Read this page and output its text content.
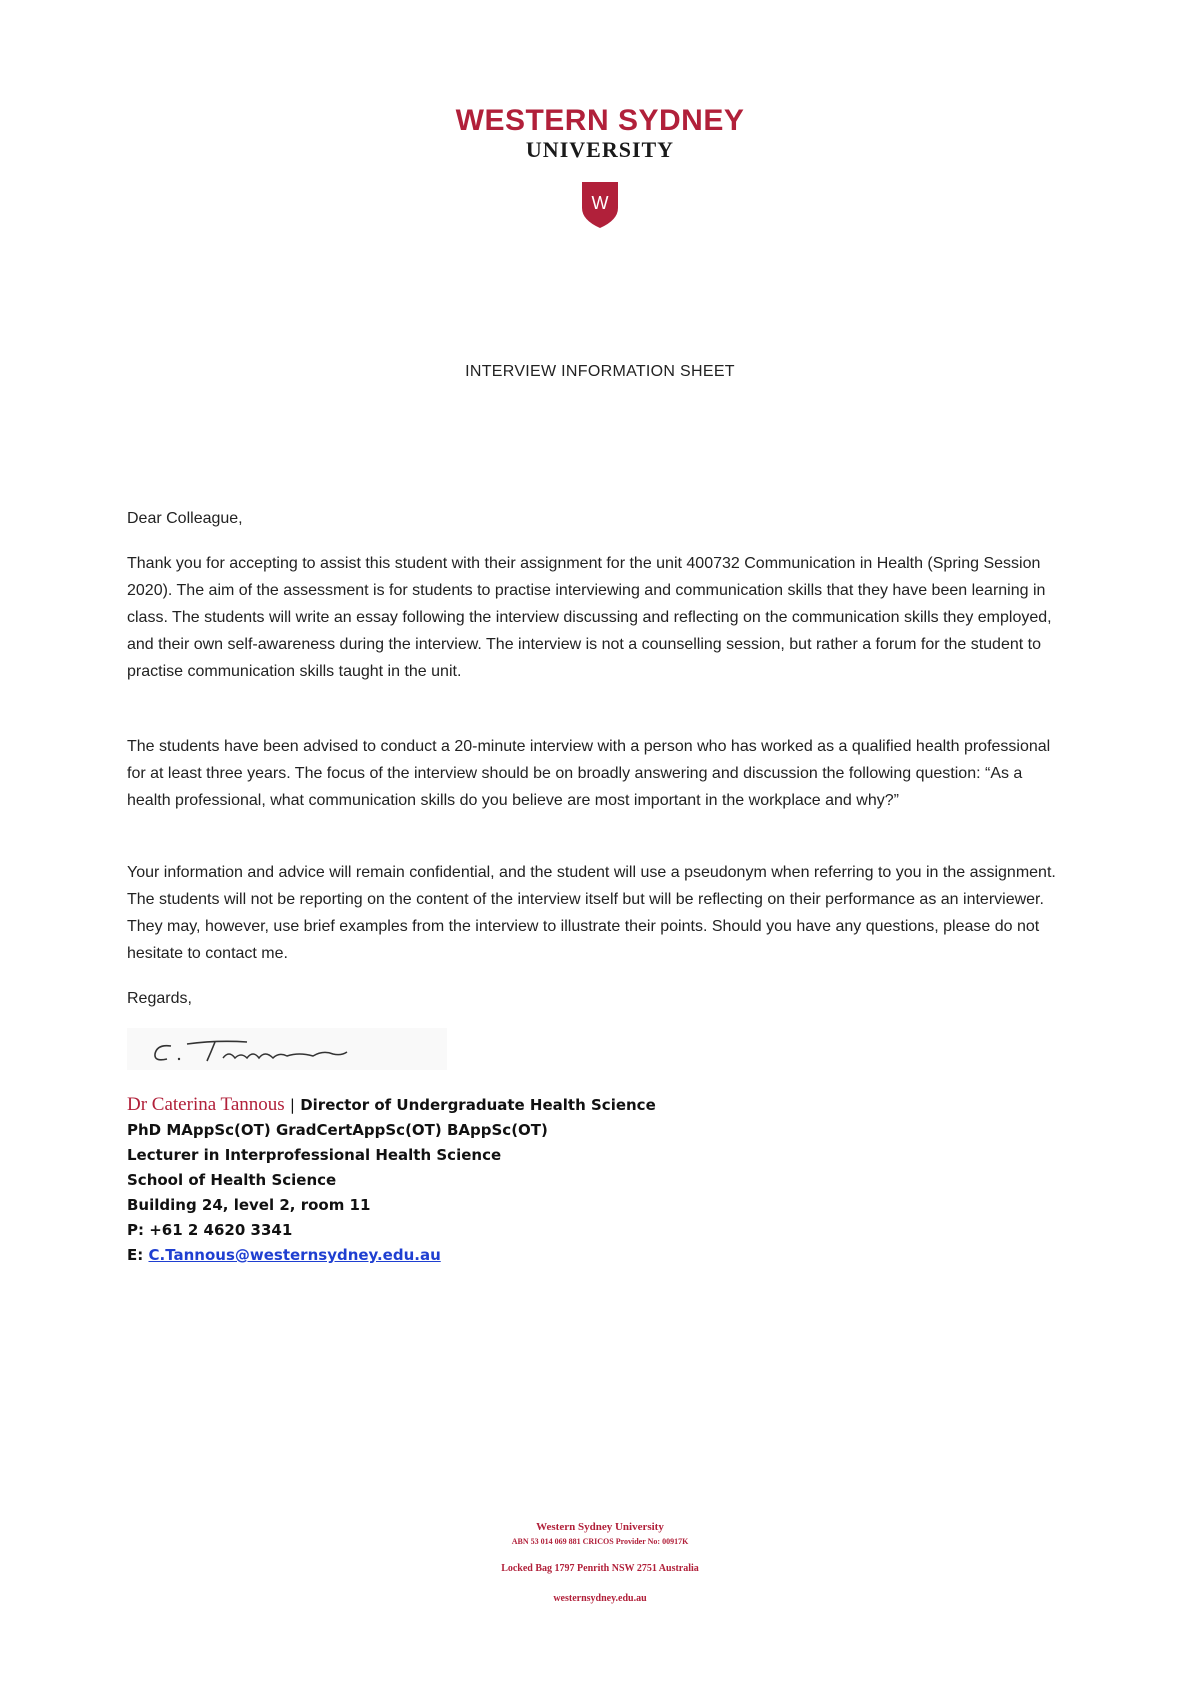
WESTERN SYDNEY
UNIVERSITY
W
INTERVIEW INFORMATION SHEET
Dear Colleague,
Thank you for accepting to assist this student with their assignment for the unit 400732 Communication in Health (Spring Session 2020). The aim of the assessment is for students to practise interviewing and communication skills that they have been learning in class. The students will write an essay following the interview discussing and reflecting on the communication skills they employed, and their own self-awareness during the interview. The interview is not a counselling session, but rather a forum for the student to practise communication skills taught in the unit.
The students have been advised to conduct a 20-minute interview with a person who has worked as a qualified health professional for at least three years. The focus of the interview should be on broadly answering and discussion the following question: “As a health professional, what communication skills do you believe are most important in the workplace and why?”
Your information and advice will remain confidential, and the student will use a pseudonym when referring to you in the assignment. The students will not be reporting on the content of the interview itself but will be reflecting on their performance as an interviewer. They may, however, use brief examples from the interview to illustrate their points. Should you have any questions, please do not hesitate to contact me.
Regards,
Dr Caterina Tannous | Director of Undergraduate Health Science
PhD MAppSc(OT) GradCertAppSc(OT) BAppSc(OT)
Lecturer in Interprofessional Health Science
School of Health Science
Building 24, level 2, room 11
P: +61 2 4620 3341
E: C.Tannous@westernsydney.edu.au
Western Sydney University
ABN 53 014 069 881 CRICOS Provider No: 00917K
Locked Bag 1797 Penrith NSW 2751 Australia
westernsydney.edu.au
